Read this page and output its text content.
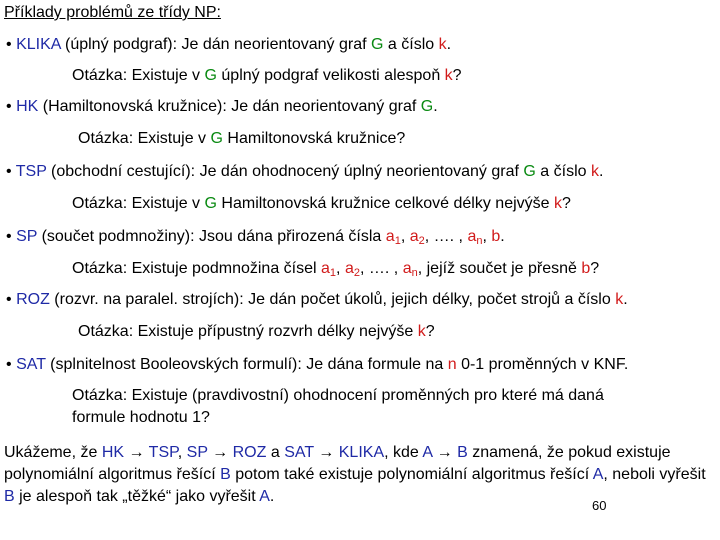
Příklady problémů ze třídy NP:
• KLIKA (úplný podgraf): Je dán neorientovaný graf G a číslo k.
Otázka: Existuje v G úplný podgraf velikosti alespoň k?
• HK (Hamiltonovská kružnice): Je dán neorientovaný graf G.
Otázka: Existuje v G Hamiltonovská kružnice?
• TSP (obchodní cestující): Je dán ohodnocený úplný neorientovaný graf G a číslo k.
Otázka: Existuje v G Hamiltonovská kružnice celkové délky nejvýše k?
• SP (součet podmnožiny): Jsou dána přirozená čísla $a_1$, $a_2$, …. , $a_n$, b.
Otázka: Existuje podmnožina čísel $a_1$, $a_2$, …. , $a_n$, jejíž součet je přesně b?
• ROZ (rozvr. na paralel. strojích): Je dán počet úkolů, jejich délky, počet strojů a číslo k.
Otázka: Existuje přípustný rozvrh délky nejvýše k?
• SAT (splnitelnost Booleovských formulí): Je dána formule na n 0-1 proměnných v KNF.
Otázka: Existuje (pravdivostní) ohodnocení proměnných pro které má daná
formule hodnotu 1?
Ukážeme, že HK → TSP, SP → ROZ a SAT → KLIKA, kde A → B znamená, že pokud existuje polynomiální algoritmus řešící B potom také existuje polynomiální algoritmus řešící A, neboli vyřešit B je alespoň tak „těžké“ jako vyřešit A.
60
